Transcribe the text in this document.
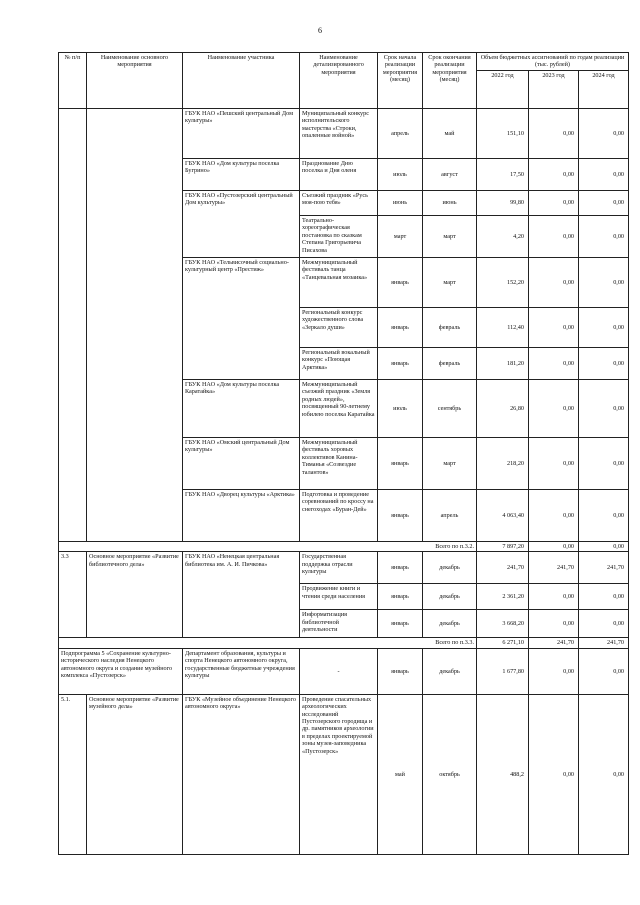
6
№ п/п	Наименование основного мероприятия	Наименование участника	Наименование детализированного мероприятия	Срок начала реализации мероприятия (месяц)	Срок окончания реализации мероприятия (месяц)	Объем бюджетных ассигнований по годам реализации (тыс. рублей)		
						2022 год	2023 год	2024 год
		ГБУК НАО «Пешский центральный Дом культуры»	Муниципальный конкурс исполнительского мастерства «Строки, опаленные войной»	апрель	май	151,10	0,00	0,00
		ГБУК НАО «Дом культуры поселка Бугрино»	Празднование Дню поселка и Дня оленя	июль	август	17,50	0,00	0,00
		ГБУК НАО «Пустозерский центральный Дом культуры»	Съезжий праздник «Русь моя-пою тебя»	июнь	июнь	99,80	0,00	0,00
			Театрально-хореографическая постановка по сказкам Степана Григорьевича Писахова	март	март	4,20	0,00	0,00
		ГБУК НАО «Тельвисочный социально-культурный центр «Престиж»	Межмуниципальный фестиваль танца «Танцевальная мозаика»	январь	март	152,20	0,00	0,00
			Региональный конкурс художественного слова «Зеркало души»	январь	февраль	112,40	0,00	0,00
			Региональный вокальный конкурс «Поющая Арктика»	январь	февраль	181,20	0,00	0,00
		ГБУК НАО «Дом культуры поселка Каратайка»	Межмуниципальный съезжий праздник «Земля родных людей», посвященный 90-летнему юбилею поселка Каратайка	июль	сентябрь	26,80	0,00	0,00
		ГБУК НАО «Омский центральный Дом культуры»	Межмуниципальный фестиваль хоровых коллективов Канина-Тиманья «Созвездие талантов»	январь	март	218,20	0,00	0,00
		ГБУК НАО «Дворец культуры «Арктика»	Подготовка и проведение соревнований по кроссу на снегоходах «Буран-Дей»	январь	апрель	4 063,40	0,00	0,00
Всего по п.3.2.						7 897,20	0,00	0,00
3.3	Основное мероприятие «Развитие библиотечного дела»	ГБУК НАО «Ненецкая центральная библиотека им. А. И. Пичкова»	Государственная поддержка отрасли культуры	январь	декабрь	241,70	241,70	241,70
			Продвижение книги и чтения среди населения	январь	декабрь	2 361,20	0,00	0,00
			Информатизация библиотечной деятельности	январь	декабрь	3 668,20	0,00	0,00
Всего по п.3.3.						6 271,10	241,70	241,70
Подпрограмма 5 «Сохранение культурно-исторического наследия Ненецкого автономного округа и создание музейного комплекса «Пустозерск»		Департамент образования, культуры и спорта Ненецкого автономного округа, государственные бюджетные учреждения культуры	-	январь	декабрь	1 677,80	0,00	0,00
5.1.	Основное мероприятие «Развитие музейного дела»	ГБУК «Музейное объединение Ненецкого автономного округа»	Проведение спасательных археологических исследований Пустозерского городища и др. памятников археологии в пределах проектируемой зоны музея-заповедника «Пустозерск»	май	октябрь	488,2	0,00	0,00
